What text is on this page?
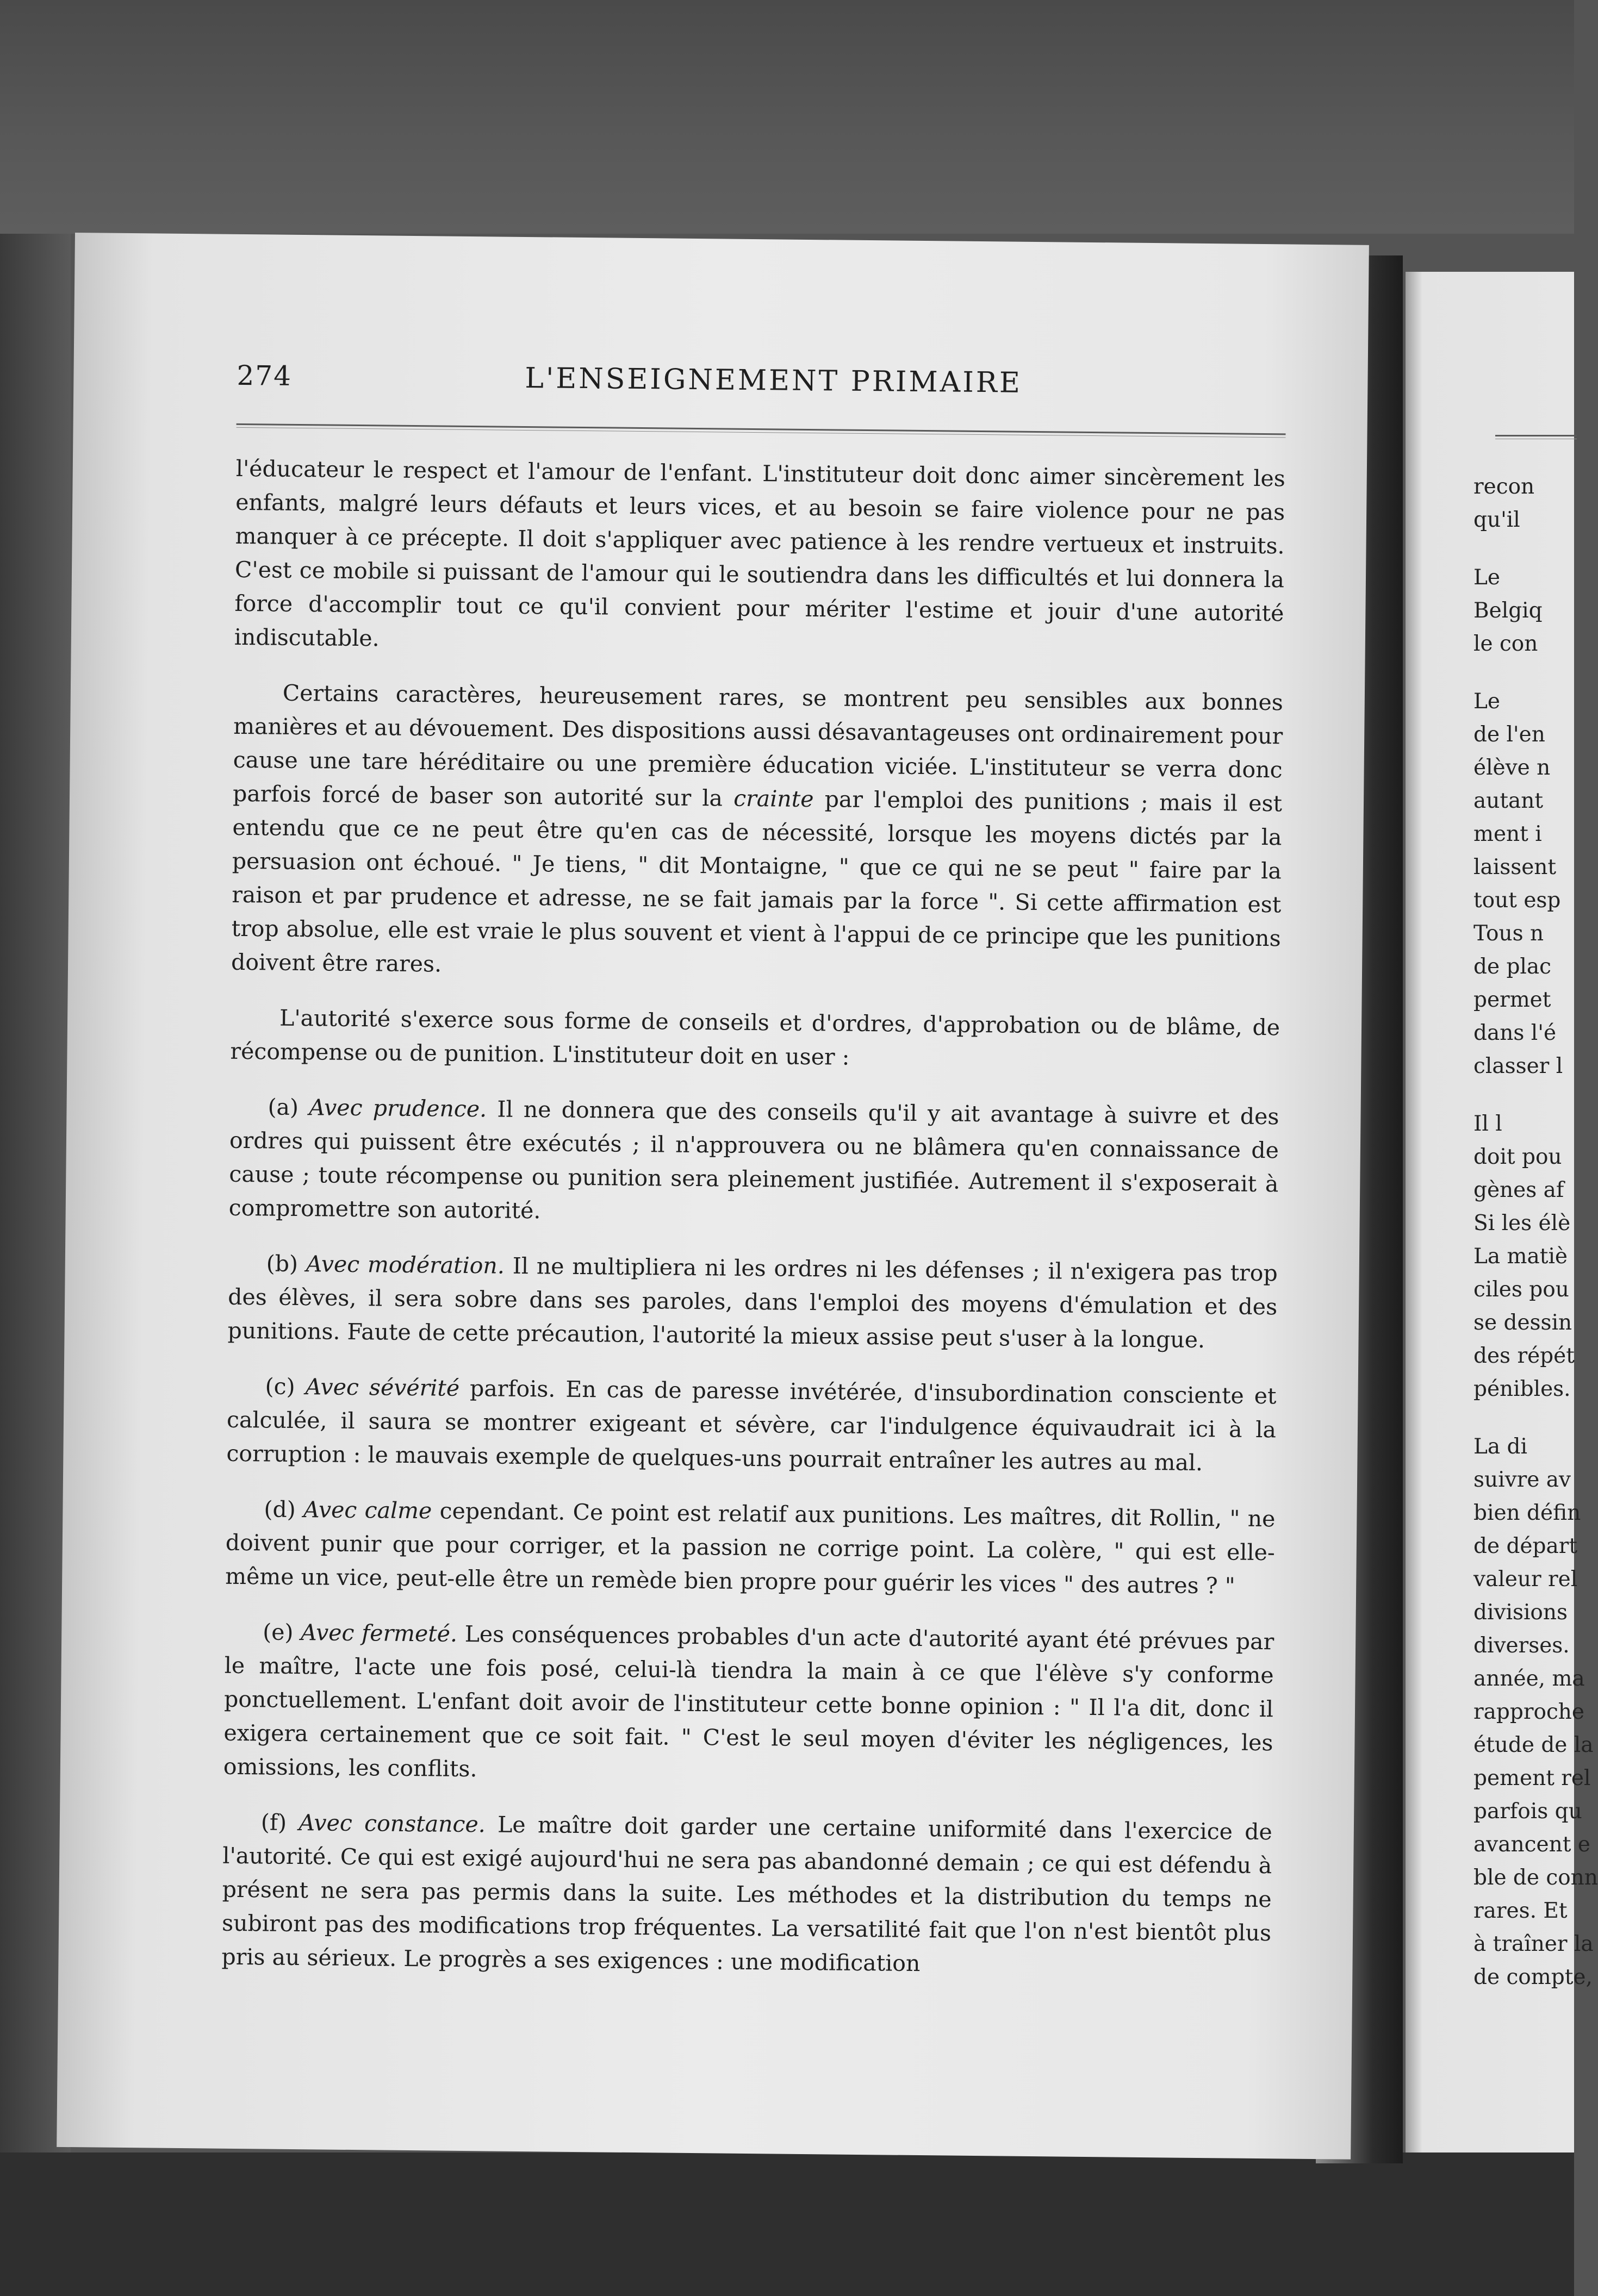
274	L'ENSEIGNEMENT PRIMAIRE

l'éducateur le respect et l'amour de l'enfant. L'instituteur doit donc aimer sincèrement les enfants, malgré leurs défauts et leurs vices, et au besoin se faire violence pour ne pas manquer à ce précepte. Il doit s'appliquer avec patience à les rendre vertueux et instruits. C'est ce mobile si puissant de l'amour qui le soutiendra dans les difficultés et lui donnera la force d'accomplir tout ce qu'il convient pour mériter l'estime et jouir d'une autorité indiscutable.

Certains caractères, heureusement rares, se montrent peu sensibles aux bonnes manières et au dévouement. Des dispositions aussi désavantageuses ont ordinairement pour cause une tare héréditaire ou une première éducation viciée. L'instituteur se verra donc parfois forcé de baser son autorité sur la crainte par l'emploi des punitions ; mais il est entendu que ce ne peut être qu'en cas de nécessité, lorsque les moyens dictés par la persuasion ont échoué. " Je tiens, " dit Montaigne, " que ce qui ne se peut " faire par la raison et par prudence et adresse, ne se fait jamais par la force ". Si cette affirmation est trop absolue, elle est vraie le plus souvent et vient à l'appui de ce principe que les punitions doivent être rares.

L'autorité s'exerce sous forme de conseils et d'ordres, d'approbation ou de blâme, de récompense ou de punition. L'instituteur doit en user :

(a) Avec prudence. Il ne donnera que des conseils qu'il y ait avantage à suivre et des ordres qui puissent être exécutés ; il n'approuvera ou ne blâmera qu'en connaissance de cause ; toute récompense ou punition sera pleinement justifiée. Autrement il s'exposerait à compromettre son autorité.

(b) Avec modération. Il ne multipliera ni les ordres ni les défenses ; il n'exigera pas trop des élèves, il sera sobre dans ses paroles, dans l'emploi des moyens d'émulation et des punitions. Faute de cette précaution, l'autorité la mieux assise peut s'user à la longue.

(c) Avec sévérité parfois. En cas de paresse invétérée, d'insubordination consciente et calculée, il saura se montrer exigeant et sévère, car l'indulgence équivaudrait ici à la corruption : le mauvais exemple de quelques-uns pourrait entraîner les autres au mal.

(d) Avec calme cependant. Ce point est relatif aux punitions. Les maîtres, dit Rollin, " ne doivent punir que pour corriger, et la passion ne corrige point. La colère, " qui est elle-même un vice, peut-elle être un remède bien propre pour guérir les vices " des autres ? "

(e) Avec fermeté. Les conséquences probables d'un acte d'autorité ayant été prévues par le maître, l'acte une fois posé, celui-là tiendra la main à ce que l'élève s'y conforme ponctuellement. L'enfant doit avoir de l'instituteur cette bonne opinion : " Il l'a dit, donc il exigera certainement que ce soit fait. " C'est le seul moyen d'éviter les négligences, les omissions, les conflits.

(f) Avec constance. Le maître doit garder une certaine uniformité dans l'exercice de l'autorité. Ce qui est exigé aujourd'hui ne sera pas abandonné demain ; ce qui est défendu à présent ne sera pas permis dans la suite. Les méthodes et la distribution du temps ne subiront pas des modifications trop fréquentes. La versatilité fait que l'on n'est bientôt plus pris au sérieux. Le progrès a ses exigences : une modification

recon
qu'il
Le
Belgiq
le con
Le
de l'en
élève n
autant
ment i
laissent
tout esp
Tous n
de plac
permet
dans l'é
classer l
Il l
doit pou
gènes af
Si les élè
La matiè
ciles pou
se dessin
des répét
pénibles.
La di
suivre av
bien défin
de départ
valeur rel
divisions
diverses.
année, ma
rapproche
étude de la
pement rel
parfois qu
avancent e
ble de conn
rares. Et
à traîner la
de compte,
